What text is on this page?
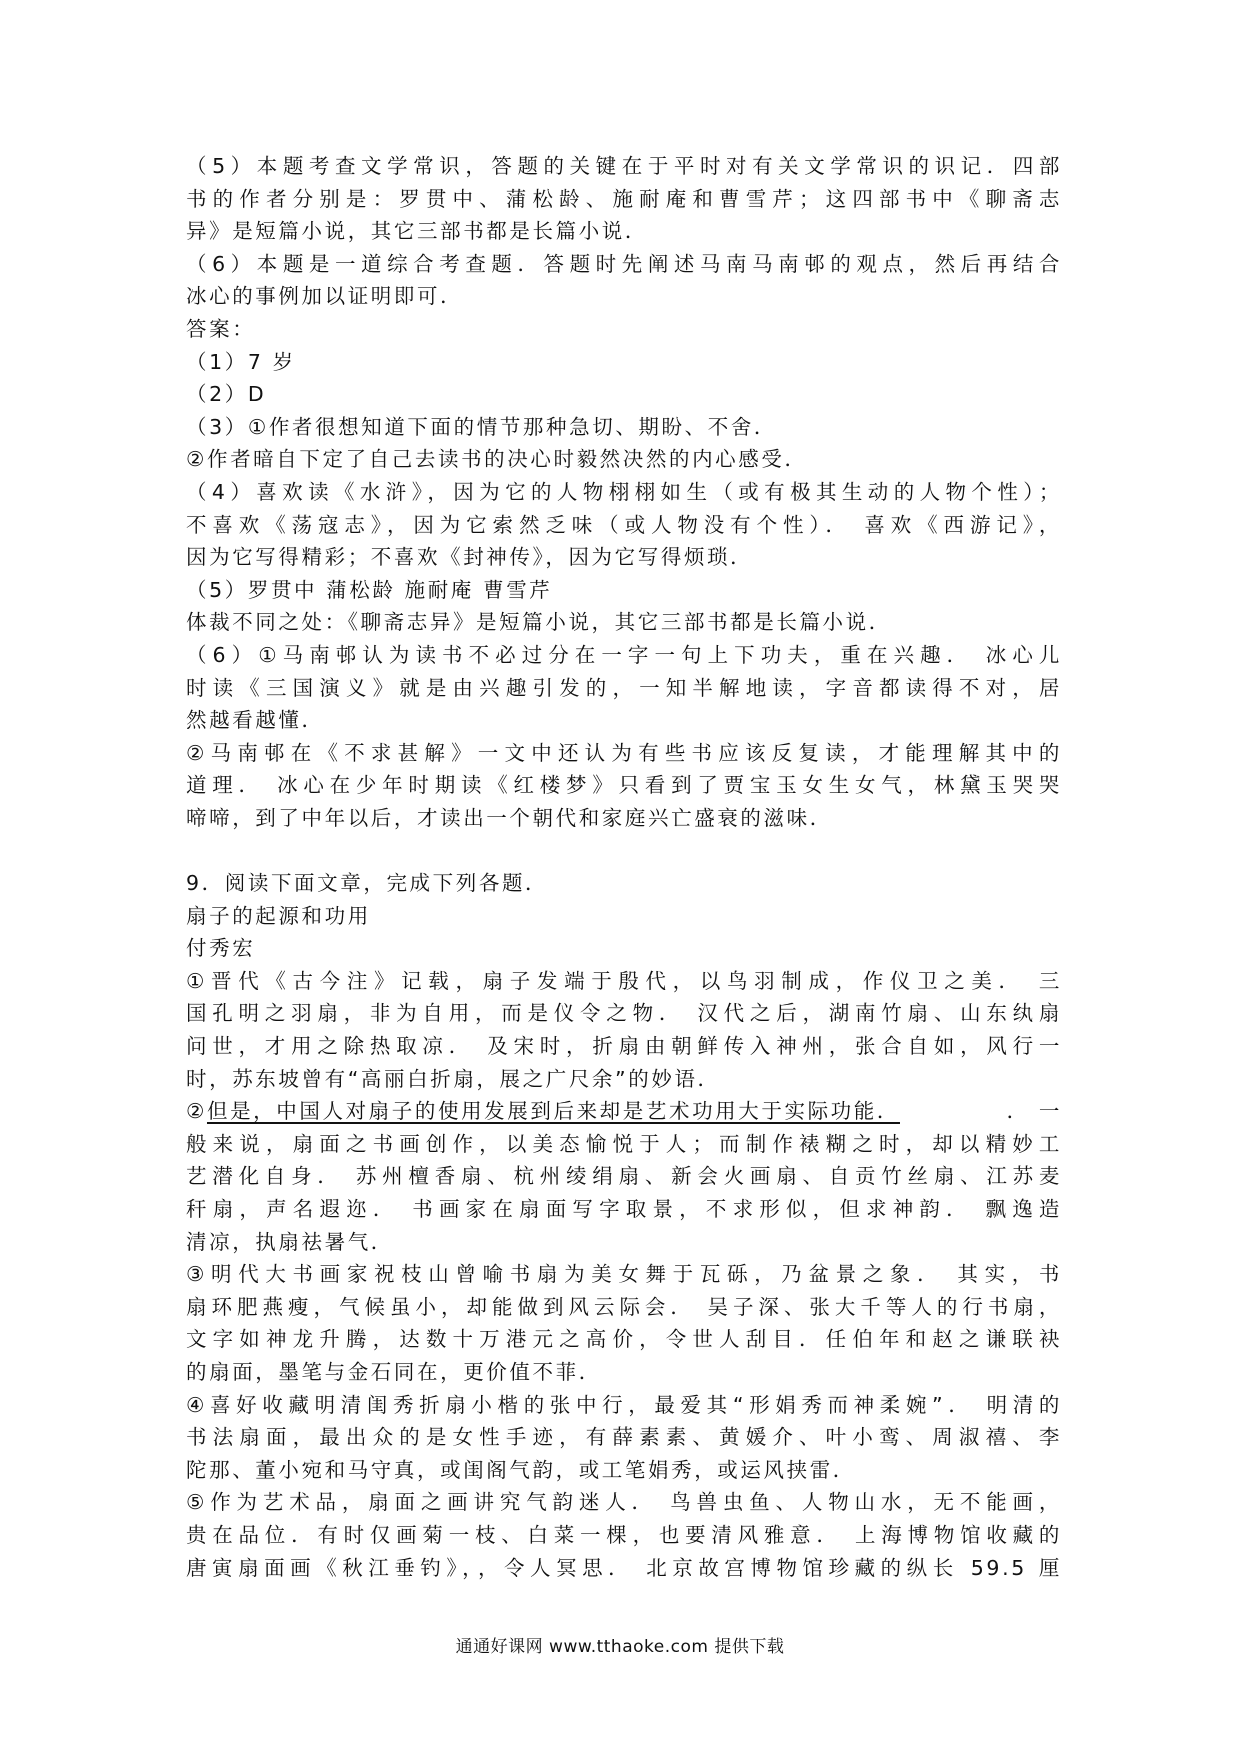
（5）本题考查文学常识，答题的关键在于平时对有关文学常识的识记．四部
书的作者分别是：罗贯中、蒲松龄、施耐庵和曹雪芹；这四部书中《聊斋志
异》是短篇小说，其它三部书都是长篇小说．
（6）本题是一道综合考查题．答题时先阐述马南马南邨的观点，然后再结合
冰心的事例加以证明即可．
答案：
（1）7 岁
（2）D
（3）①作者很想知道下面的情节那种急切、期盼、不舍．
②作者暗自下定了自己去读书的决心时毅然决然的内心感受．
（4）喜欢读《水浒》，因为它的人物栩栩如生（或有极其生动的人物个性）；
不喜欢《荡寇志》，因为它索然乏味（或人物没有个性）． 喜欢《西游记》，
因为它写得精彩；不喜欢《封神传》，因为它写得烦琐．
（5）罗贯中 蒲松龄 施耐庵 曹雪芹
体裁不同之处：《聊斋志异》是短篇小说，其它三部书都是长篇小说．
（6）①马南邨认为读书不必过分在一字一句上下功夫，重在兴趣． 冰心儿
时读《三国演义》就是由兴趣引发的，一知半解地读，字音都读得不对，居
然越看越懂．
②马南邨在《不求甚解》一文中还认为有些书应该反复读，才能理解其中的
道理． 冰心在少年时期读《红楼梦》只看到了贾宝玉女生女气，林黛玉哭哭
啼啼，到了中年以后，才读出一个朝代和家庭兴亡盛衰的滋味．
9．阅读下面文章，完成下列各题．
扇子的起源和功用
付秀宏
①晋代《古今注》记载，扇子发端于殷代，以鸟羽制成，作仪卫之美． 三
国孔明之羽扇，非为自用，而是仪令之物． 汉代之后，湖南竹扇、山东纨扇
问世，才用之除热取凉． 及宋时，折扇由朝鲜传入神州，张合自如，风行一
时，苏东坡曾有“高丽白折扇，展之广尺余”的妙语．
②但是，中国人对扇子的使用发展到后来却是艺术功用大于实际功能．	． 一
般来说，扇面之书画创作，以美态愉悦于人；而制作裱糊之时，却以精妙工
艺潜化自身． 苏州檀香扇、杭州绫绢扇、新会火画扇、自贡竹丝扇、江苏麦
秆扇，声名遐迩． 书画家在扇面写字取景，不求形似，但求神韵． 飘逸造
清凉，执扇祛暑气．
③明代大书画家祝枝山曾喻书扇为美女舞于瓦砾，乃盆景之象． 其实，书
扇环肥燕瘦，气候虽小，却能做到风云际会． 吴子深、张大千等人的行书扇，
文字如神龙升腾，达数十万港元之高价，令世人刮目．任伯年和赵之谦联袂
的扇面，墨笔与金石同在，更价值不菲．
④喜好收藏明清闺秀折扇小楷的张中行，最爱其“形娟秀而神柔婉”． 明清的
书法扇面，最出众的是女性手迹，有薛素素、黄媛介、叶小鸾、周淑禧、李
陀那、董小宛和马守真，或闺阁气韵，或工笔娟秀，或运风挟雷．
⑤作为艺术品，扇面之画讲究气韵迷人． 鸟兽虫鱼、人物山水，无不能画，
贵在品位．有时仅画菊一枝、白菜一棵，也要清风雅意． 上海博物馆收藏的
唐寅扇面画《秋江垂钓》，，令人冥思． 北京故宫博物馆珍藏的纵长 59.5 厘
通通好课网 www.tthaoke.com 提供下载
